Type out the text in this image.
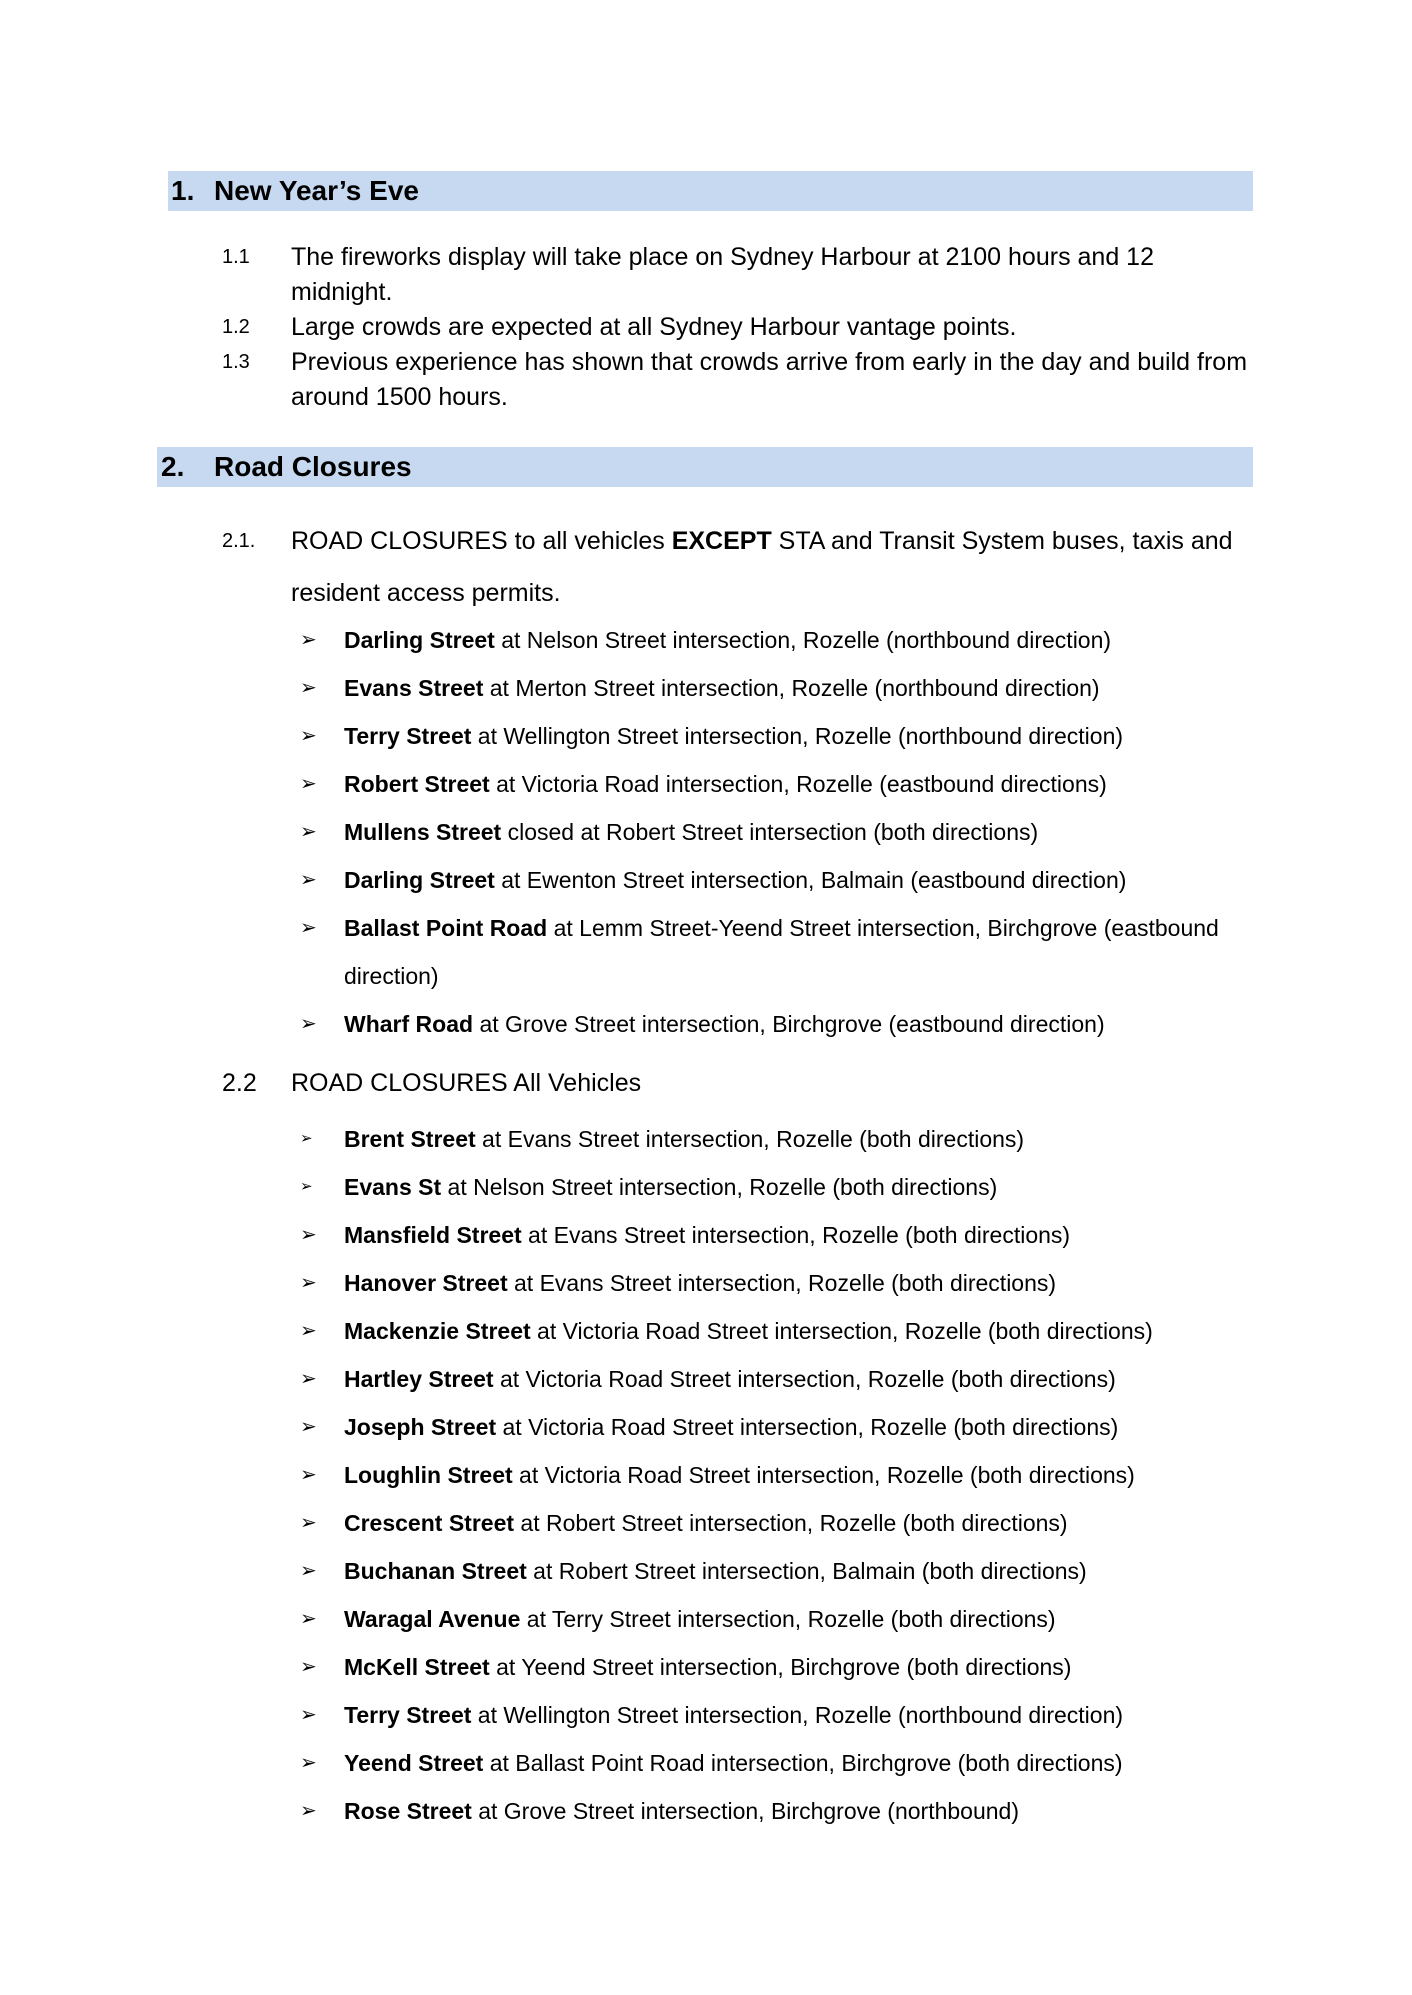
1. New Year’s Eve
1.1	The fireworks display will take place on Sydney Harbour at 2100 hours and 12 midnight.
1.2	Large crowds are expected at all Sydney Harbour vantage points.
1.3	Previous experience has shown that crowds arrive from early in the day and build from around 1500 hours.
2.	Road Closures
2.1.	ROAD CLOSURES to all vehicles EXCEPT STA and Transit System buses, taxis and resident access permits.
➢	Darling Street at Nelson Street intersection, Rozelle (northbound direction)
➢	Evans Street at Merton Street intersection, Rozelle (northbound direction)
➢	Terry Street at Wellington Street intersection, Rozelle (northbound direction)
➢	Robert Street at Victoria Road intersection, Rozelle (eastbound directions)
➢	Mullens Street closed at Robert Street intersection (both directions)
➢	Darling Street at Ewenton Street intersection, Balmain (eastbound direction)
➢	Ballast Point Road at Lemm Street-Yeend Street intersection, Birchgrove (eastbound direction)
➢	Wharf Road at Grove Street intersection, Birchgrove (eastbound direction)
2.2	ROAD CLOSURES All Vehicles
➢	Brent Street at Evans Street intersection, Rozelle (both directions)
➢	Evans St at Nelson Street intersection, Rozelle (both directions)
➢	Mansfield Street at Evans Street intersection, Rozelle (both directions)
➢	Hanover Street at Evans Street intersection, Rozelle (both directions)
➢	Mackenzie Street at Victoria Road Street intersection, Rozelle (both directions)
➢	Hartley Street at Victoria Road Street intersection, Rozelle (both directions)
➢	Joseph Street at Victoria Road Street intersection, Rozelle (both directions)
➢	Loughlin Street at Victoria Road Street intersection, Rozelle (both directions)
➢	Crescent Street at Robert Street intersection, Rozelle (both directions)
➢	Buchanan Street at Robert Street intersection, Balmain (both directions)
➢	Waragal Avenue at Terry Street intersection, Rozelle (both directions)
➢	McKell Street at Yeend Street intersection, Birchgrove (both directions)
➢	Terry Street at Wellington Street intersection, Rozelle (northbound direction)
➢	Yeend Street at Ballast Point Road intersection, Birchgrove (both directions)
➢	Rose Street at Grove Street intersection, Birchgrove (northbound)
